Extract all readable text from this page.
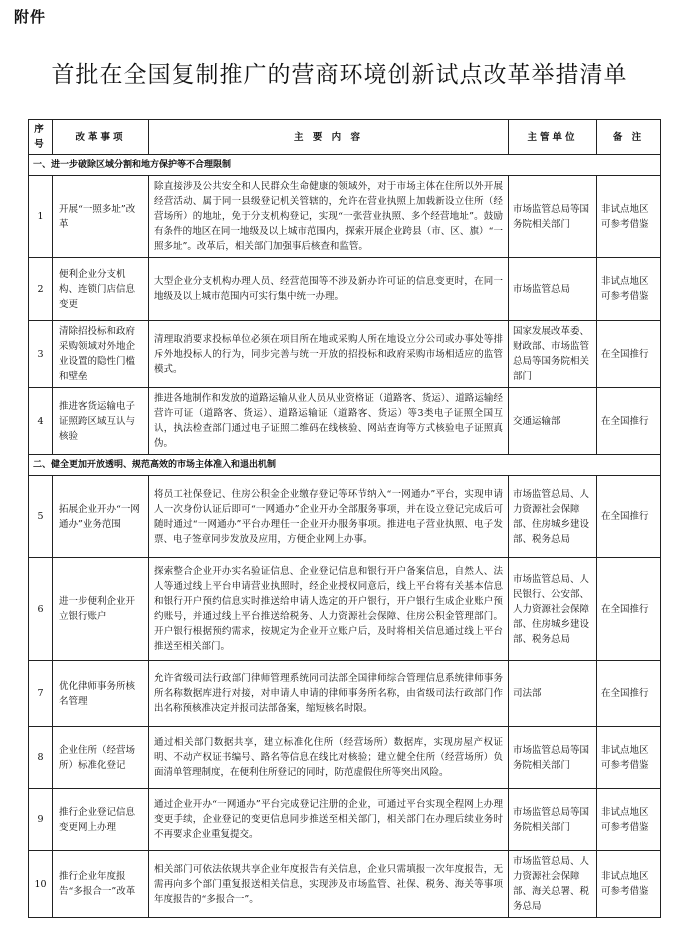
附件
首批在全国复制推广的营商环境创新试点改革举措清单
序号	改革事项	主 要 内 容	主管单位	备 注
一、进一步破除区域分割和地方保护等不合理限制				
1	开展“一照多址”改革	除直接涉及公共安全和人民群众生命健康的领域外，对于市场主体在住所以外开展经营活动、属于同一县级登记机关管辖的，允许在营业执照上加载新设立住所（经营场所）的地址，免于分支机构登记，实现“一张营业执照、多个经营地址”。鼓励有条件的地区在同一地级及以上城市范围内，探索开展企业跨县（市、区、旗）“一照多址”。改革后，相关部门加强事后核查和监管。	市场监管总局等国务院相关部门	非试点地区可参考借鉴
2	便利企业分支机构、连锁门店信息变更	大型企业分支机构办理人员、经营范围等不涉及新办许可证的信息变更时，在同一地级及以上城市范围内可实行集中统一办理。	市场监管总局	非试点地区可参考借鉴
3	清除招投标和政府采购领域对外地企业设置的隐性门槛和壁垒	清理取消要求投标单位必须在项目所在地或采购人所在地设立分公司或办事处等排斥外地投标人的行为，同步完善与统一开放的招投标和政府采购市场相适应的监管模式。	国家发展改革委、财政部、市场监管总局等国务院相关部门	在全国推行
4	推进客货运输电子证照跨区域互认与核验	推进各地制作和发放的道路运输从业人员从业资格证（道路客、货运）、道路运输经营许可证（道路客、货运）、道路运输证（道路客、货运）等3类电子证照全国互认，执法检查部门通过电子证照二维码在线核验、网站查询等方式核验电子证照真伪。	交通运输部	在全国推行
二、健全更加开放透明、规范高效的市场主体准入和退出机制				
5	拓展企业开办“一网通办”业务范围	将员工社保登记、住房公积金企业缴存登记等环节纳入“一网通办”平台，实现申请人一次身份认证后即可“一网通办”企业开办全部服务事项，并在设立登记完成后可随时通过“一网通办”平台办理任一企业开办服务事项。推进电子营业执照、电子发票、电子签章同步发放及应用，方便企业网上办事。	市场监管总局、人力资源社会保障部、住房城乡建设部、税务总局	在全国推行
6	进一步便利企业开立银行账户	探索整合企业开办实名验证信息、企业登记信息和银行开户备案信息，自然人、法人等通过线上平台申请营业执照时，经企业授权同意后，线上平台将有关基本信息和银行开户预约信息实时推送给申请人选定的开户银行，开户银行生成企业账户预约账号，并通过线上平台推送给税务、人力资源社会保障、住房公积金管理部门。开户银行根据预约需求，按规定为企业开立账户后，及时将相关信息通过线上平台推送至相关部门。	市场监管总局、人民银行、公安部、人力资源社会保障部、住房城乡建设部、税务总局	在全国推行
7	优化律师事务所核名管理	允许省级司法行政部门律师管理系统同司法部全国律师综合管理信息系统律师事务所名称数据库进行对接，对申请人申请的律师事务所名称，由省级司法行政部门作出名称预核准决定并报司法部备案，缩短核名时限。	司法部	在全国推行
8	企业住所（经营场所）标准化登记	通过相关部门数据共享，建立标准化住所（经营场所）数据库，实现房屋产权证明、不动产权证书编号、路名等信息在线比对核验；建立健全住所（经营场所）负面清单管理制度，在便利住所登记的同时，防范虚假住所等突出风险。	市场监管总局等国务院相关部门	非试点地区可参考借鉴
9	推行企业登记信息变更网上办理	通过企业开办“一网通办”平台完成登记注册的企业，可通过平台实现全程网上办理变更手续，企业登记的变更信息同步推送至相关部门，相关部门在办理后续业务时不再要求企业重复提交。	市场监管总局等国务院相关部门	非试点地区可参考借鉴
10	推行企业年度报告“多报合一”改革	相关部门可依法依规共享企业年度报告有关信息，企业只需填报一次年度报告，无需再向多个部门重复报送相关信息，实现涉及市场监管、社保、税务、海关等事项年度报告的“多报合一”。	市场监管总局、人力资源社会保障部、海关总署、税务总局	非试点地区可参考借鉴
